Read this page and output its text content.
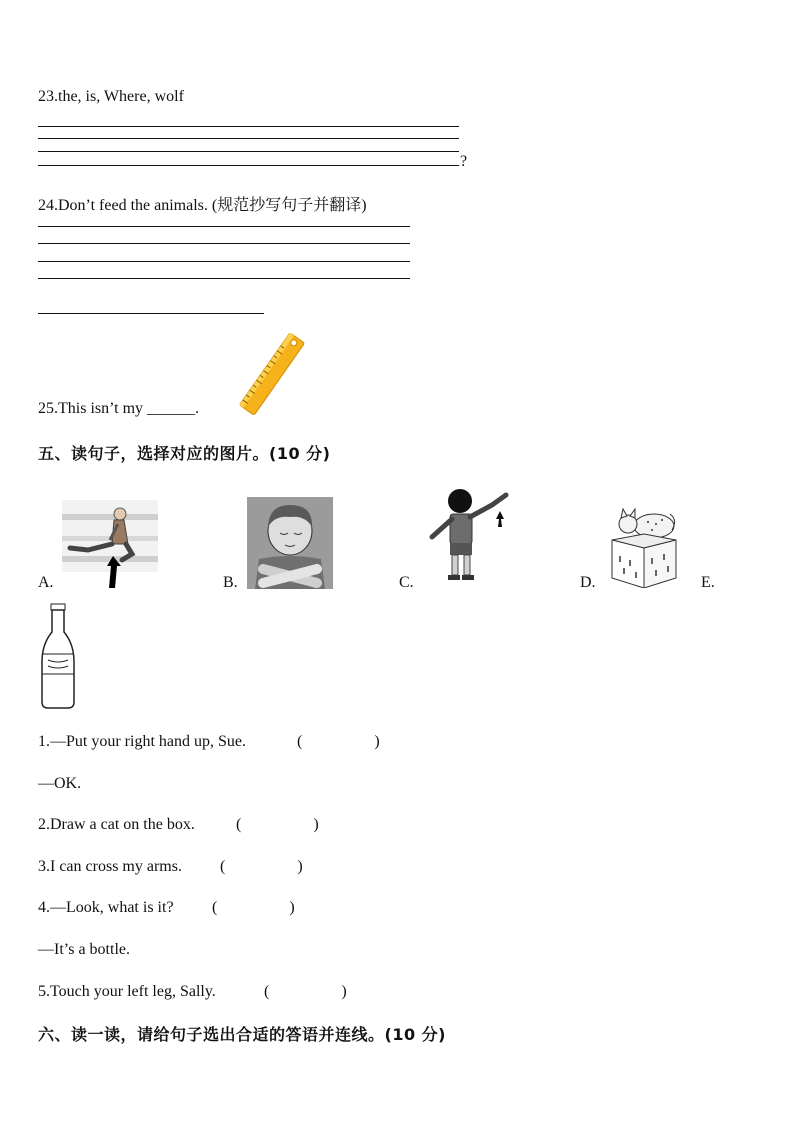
23.the, is, Where, wolf
?
24.Don’t feed the animals. (规范抄写句子并翻译)
25.This isn’t my ______.
五、读句子，选择对应的图片。(10 分)
A.	B.	C.	D.	E.
1.—Put your right hand up, Sue.	(                  )
—OK.
2.Draw a cat on the box.	(                  )
3.I can cross my arms. (                  )
4.—Look, what is it? (                  )
—It’s a bottle.
5.Touch your left leg, Sally.	(                  )
六、读一读，请给句子选出合适的答语并连线。(10 分)
